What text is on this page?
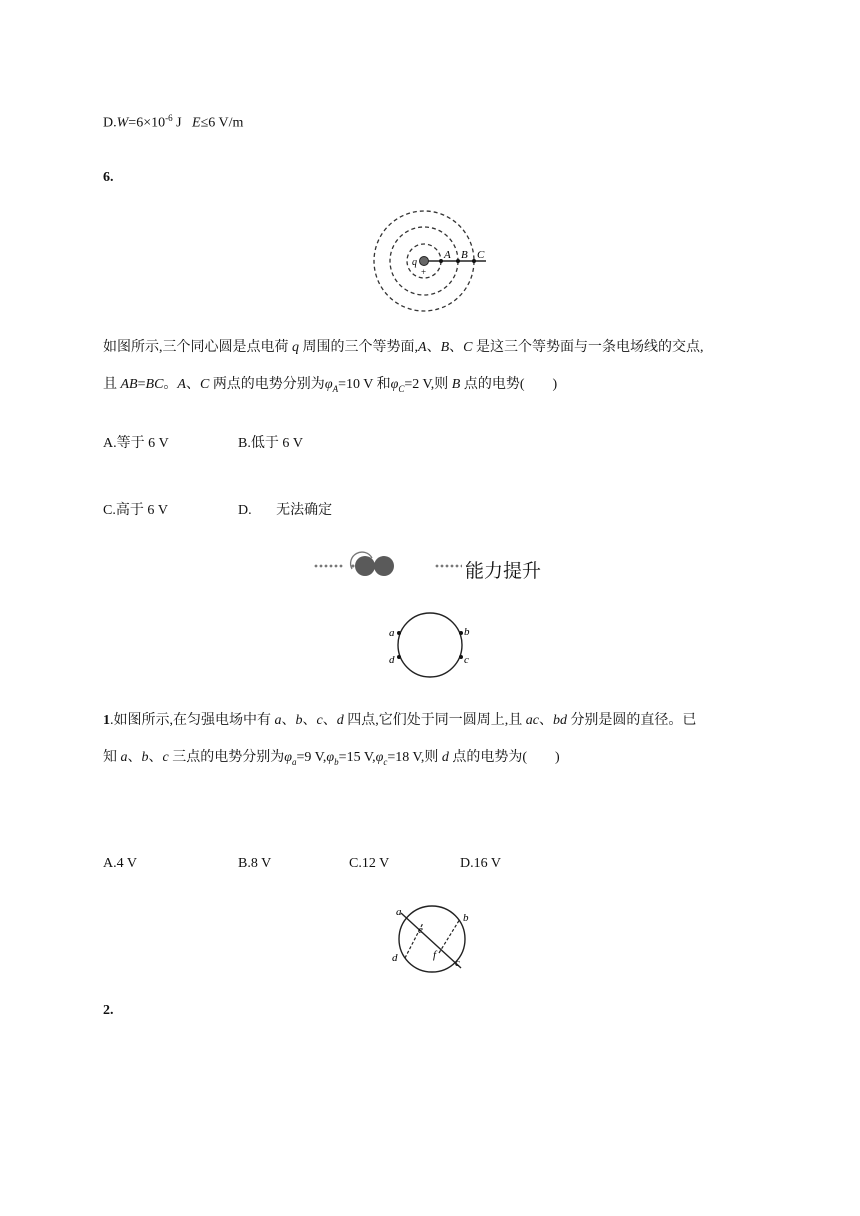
$D.W=6\times 10^{-6}$ J E≤6 V/m
6.
q
+
A B C
如图所示,三个同心圆是点电荷 q 周围的三个等势面,A、B、C 是这三个等势面与一条电场线的交点,
且 AB=BC。A、C 两点的电势分别为$\varphi_A=10$ V 和$\varphi_C=2$ V,则 B 点的电势(　　)
A.等于 6 V	B.低于 6 V
C.高于 6 V	D. 无法确定
能力提升
a	b
c
d
1.如图所示,在匀强电场中有 a、b、c、d 四点,它们处于同一圆周上,且 ac、bd 分别是圆的直径。已
知 a、b、c 三点的电势分别为$\varphi_a=9$ $V,\varphi_b=15$ $V,\varphi_c=18$ V,则 d 点的电势为(　　)
A.4 V	B.8 V	C.12 V	D.16 V
a	b
c
d
e
f
2.
